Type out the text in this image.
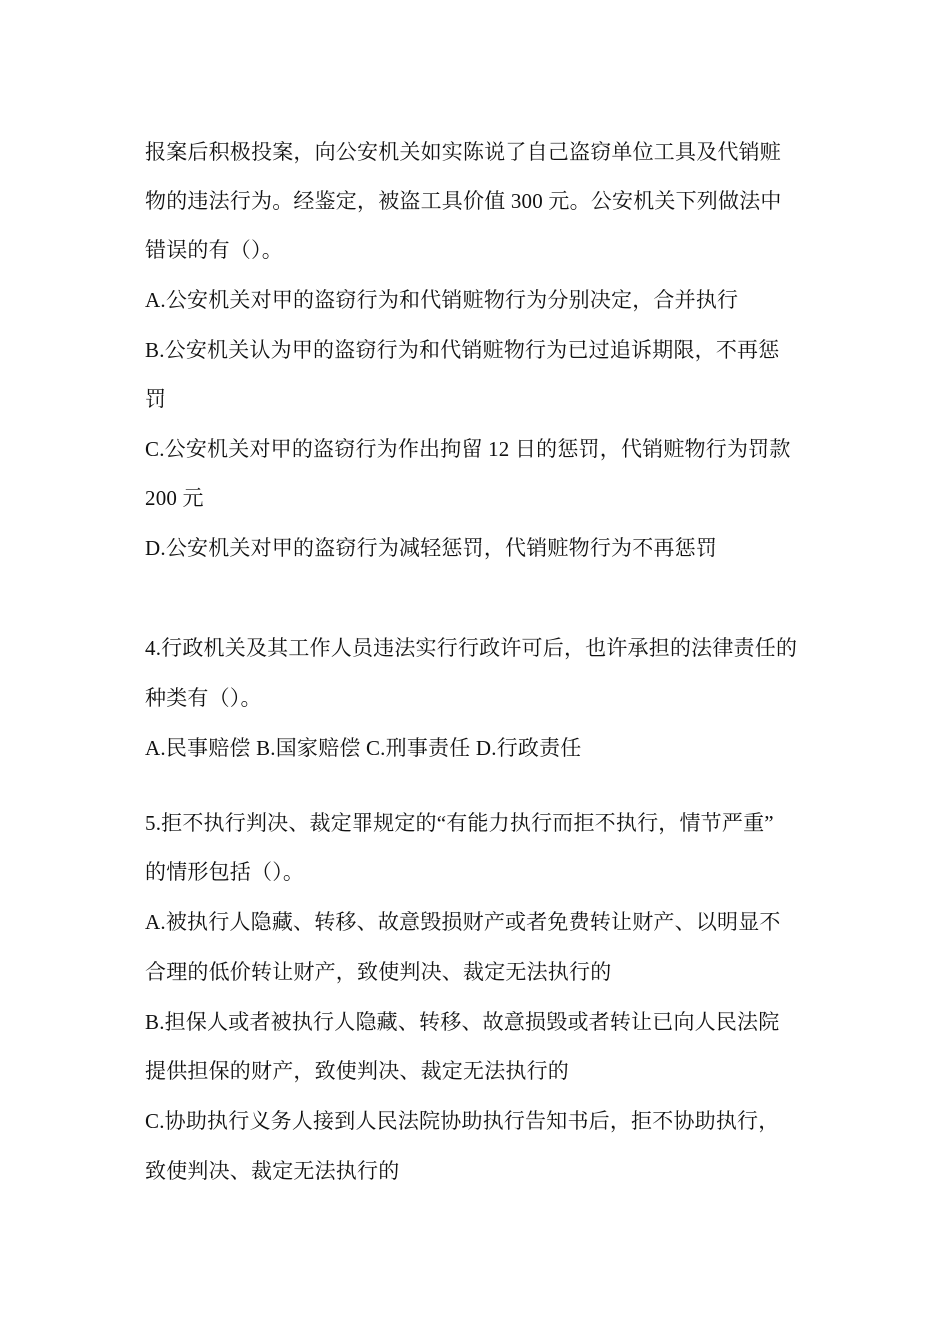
报案后积极投案，向公安机关如实陈说了自己盗窃单位工具及代销赃
物的违法行为。经鉴定，被盗工具价值 300 元。公安机关下列做法中
错误的有（）。
A.公安机关对甲的盗窃行为和代销赃物行为分别决定，合并执行
B.公安机关认为甲的盗窃行为和代销赃物行为已过追诉期限，不再惩
罚
C.公安机关对甲的盗窃行为作出拘留 12 日的惩罚，代销赃物行为罚款
200 元
D.公安机关对甲的盗窃行为减轻惩罚，代销赃物行为不再惩罚
4.行政机关及其工作人员违法实行行政许可后，也许承担的法律责任的
种类有（）。
A.民事赔偿 B.国家赔偿 C.刑事责任 D.行政责任
5.拒不执行判决、裁定罪规定的“有能力执行而拒不执行，情节严重”
的情形包括（）。
A.被执行人隐藏、转移、故意毁损财产或者免费转让财产、以明显不
合理的低价转让财产，致使判决、裁定无法执行的
B.担保人或者被执行人隐藏、转移、故意损毁或者转让已向人民法院
提供担保的财产，致使判决、裁定无法执行的
C.协助执行义务人接到人民法院协助执行告知书后，拒不协助执行，
致使判决、裁定无法执行的
